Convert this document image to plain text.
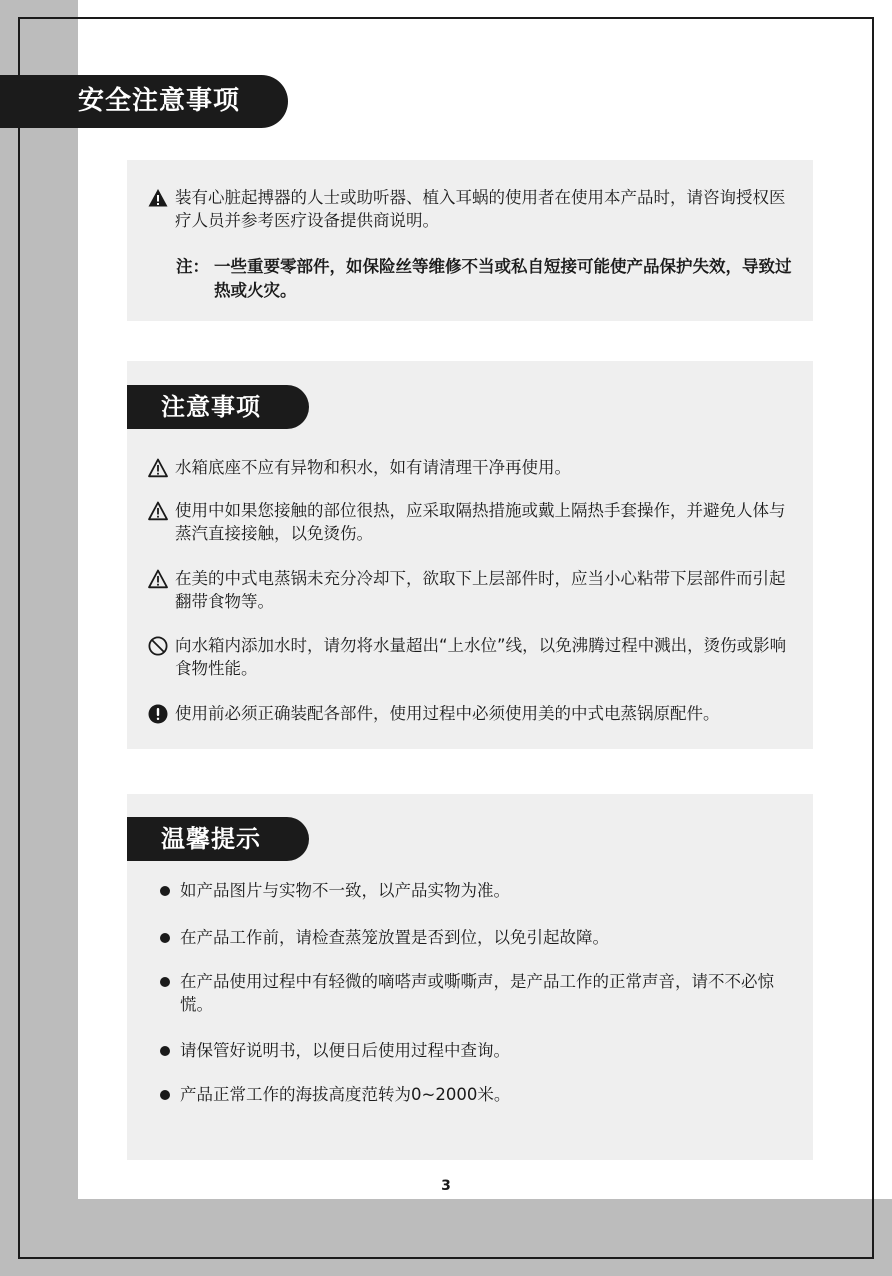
安全注意事项
装有心脏起搏器的人士或助听器、植入耳蜗的使用者在使用本产品时，请咨询授权医疗人员并参考医疗设备提供商说明。
注： 一些重要零部件，如保险丝等维修不当或私自短接可能使产品保护失效，导致过热或火灾。
注意事项
水箱底座不应有异物和积水，如有请清理干净再使用。
使用中如果您接触的部位很热，应采取隔热措施或戴上隔热手套操作，并避免人体与蒸汽直接接触，以免烫伤。
在美的中式电蒸锅未充分冷却下，欲取下上层部件时，应当小心粘带下层部件而引起翻带食物等。
向水箱内添加水时，请勿将水量超出“上水位”线，以免沸腾过程中溅出，烫伤或影响食物性能。
使用前必须正确装配各部件，使用过程中必须使用美的中式电蒸锅原配件。
温馨提示
如产品图片与实物不一致，以产品实物为准。
在产品工作前，请检查蒸笼放置是否到位，以免引起故障。
在产品使用过程中有轻微的嘀嗒声或嘶嘶声，是产品工作的正常声音，请不不必惊慌。
请保管好说明书，以便日后使用过程中查询。
产品正常工作的海拔高度范转为0~2000米。
3
